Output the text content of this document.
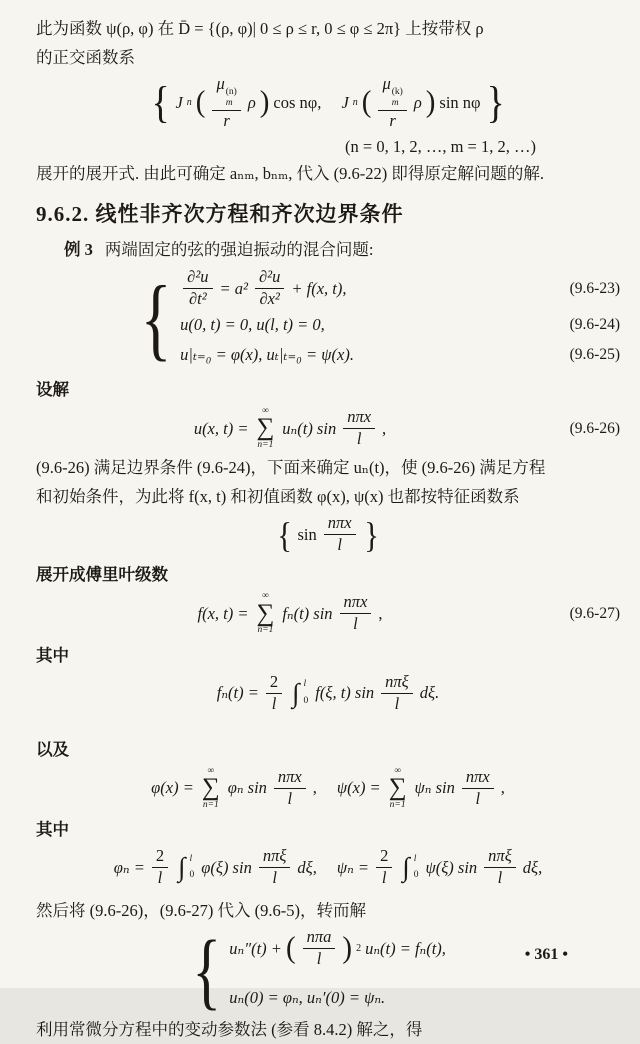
此为函数 ψ(ρ, φ) 在 D̄ = {(ρ, φ)| 0 ≤ ρ ≤ r, 0 ≤ φ ≤ 2π} 上按带权 ρ

的正交函数系

{ J n ( μ (n)
m
r ρ ) cos nφ, J n ( μ (k)
m
r ρ ) sin nφ }

(n = 0, 1, 2, …, m = 1, 2, …)

展开的展开式. 由此可确定 aₙₘ, bₙₘ, 代入 (9.6-22) 即得原定解问题的解.

9.6.2. 线性非齐次方程和齐次边界条件

例 3 两端固定的弦的强迫振动的混合问题:

{ $\frac{\text{∂²u}}{\text{∂t²}} = a^2 \frac{\text{∂²u}}{\text{∂x²}} + f(x$, t),	(9.6-23)
u(0, t) = 0, u(l, t) = 0,	(9.6-24)
u|ₜ₌₀ = φ(x), uₜ|ₜ₌₀ = ψ(x).	(9.6-25)

设解

u(x, t) =
∞
∑
n=1
uₙ(t) $\sin \frac{\text{nπx}}{l}$ ,	(9.6-26)

(9.6-26) 满足边界条件 (9.6-24)，下面来确定 uₙ(t)，使 (9.6-26) 满足方程

和初始条件，为此将 f(x, t) 和初值函数 φ(x), ψ(x) 也都按特征函数系

{ $\sin \frac{\text{nπx}}{l}$ }

展开成傅里叶级数

f(x, t) =
∞
∑
n=1
fₙ(t) $\sin \frac{\text{nπx}}{l}$ ,	(9.6-27)

其中

$f_n(t) = \frac{2}{l}$ ∫ l
0 f(ξ, t) $\sin \frac{\text{nπξ}}{l} d\xi$.

以及

φ(x) =
∞
∑
n=1
φₙ $\sin \frac{\text{nπx}}{l}$ , ψ(x) =
∞
∑
n=1
ψₙ $\sin \frac{\text{nπx}}{l}$ ,

其中

$\varphi_n = \frac{2}{l}$ ∫ l
0 φ(ξ) $\sin \frac{\text{nπξ}}{l} d\xi$, $\psi_n = \frac{2}{l}$ ∫ l
0 ψ(ξ) $\sin \frac{\text{nπξ}}{l} d\xi$,

然后将 (9.6-26)，(9.6-27) 代入 (9.6-5)，转而解

{ uₙ″(t) + ( $\frac{\text{nπa}}{l}$ ) 2 uₙ(t) = fₙ(t),
uₙ(0) = φₙ, uₙ′(0) = ψₙ.

利用常微分方程中的变动参数法 (参看 8.4.2) 解之，得

• 361 •
